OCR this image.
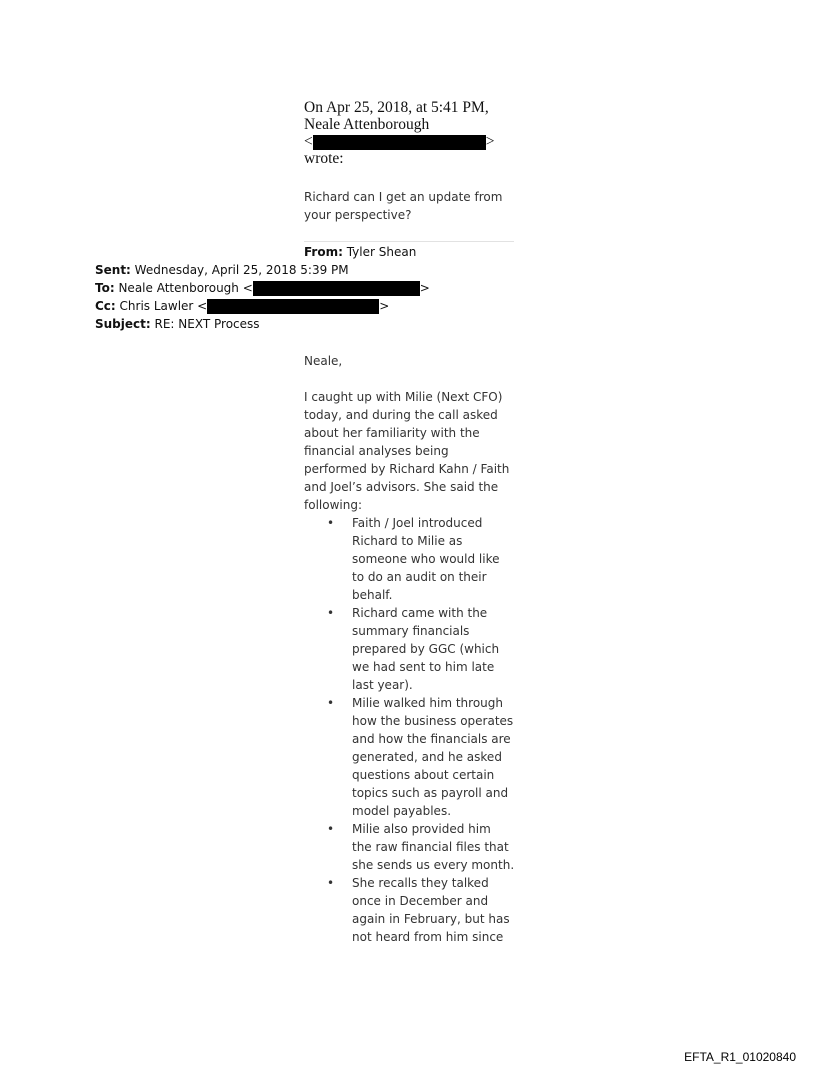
On Apr 25, 2018, at 5:41 PM,
Neale Attenborough
<	>
wrote:
Richard can I get an update from
your perspective?
From: Tyler Shean
Sent: Wednesday, April 25, 2018 5:39 PM
To: Neale Attenborough <	>
Cc: Chris Lawler <	>
Subject: RE: NEXT Process
Neale,
I caught up with Milie (Next CFO)
today, and during the call asked
about her familiarity with the
financial analyses being
performed by Richard Kahn / Faith
and Joel’s advisors. She said the
following:
• Faith / Joel introduced
Richard to Milie as
someone who would like
to do an audit on their
behalf.
• Richard came with the
summary financials
prepared by GGC (which
we had sent to him late
last year).
• Milie walked him through
how the business operates
and how the financials are
generated, and he asked
questions about certain
topics such as payroll and
model payables.
• Milie also provided him
the raw financial files that
she sends us every month.
• She recalls they talked
once in December and
again in February, but has
not heard from him since
EFTA_R1_01020840
